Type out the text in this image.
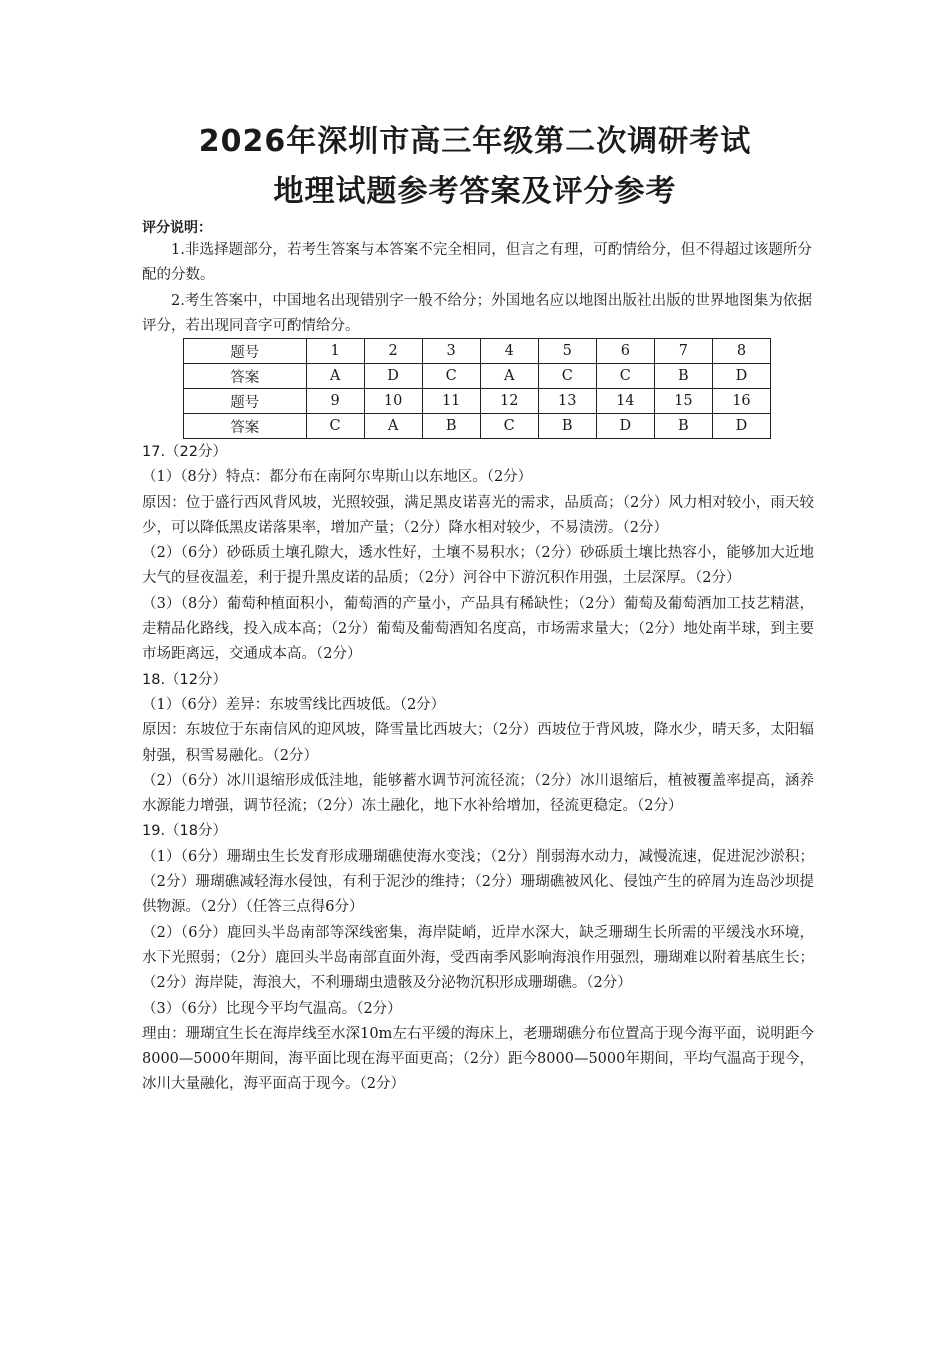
2026年深圳市高三年级第二次调研考试
地理试题参考答案及评分参考
评分说明：

1.非选择题部分，若考生答案与本答案不完全相同，但言之有理，可酌情给分，但不得超过该题所分配的分数。

2.考生答案中，中国地名出现错别字一般不给分；外国地名应以地图出版社出版的世界地图集为依据评分，若出现同音字可酌情给分。

题号	1	2	3	4	5	6	7	8
答案	A	D	C	A	C	C	B	D
题号	9	10	11	12	13	14	15	16
答案	C	A	B	C	B	D	B	D

17.（22分）

（1）（8分）特点：都分布在南阿尔卑斯山以东地区。（2分）

原因：位于盛行西风背风坡，光照较强，满足黑皮诺喜光的需求，品质高；（2分）风力相对较小，雨天较少，可以降低黑皮诺落果率，增加产量；（2分）降水相对较少，不易渍涝。（2分）

（2）（6分）砂砾质土壤孔隙大，透水性好，土壤不易积水；（2分）砂砾质土壤比热容小，能够加大近地大气的昼夜温差，利于提升黑皮诺的品质；（2分）河谷中下游沉积作用强，土层深厚。（2分）

（3）（8分）葡萄种植面积小，葡萄酒的产量小，产品具有稀缺性；（2分）葡萄及葡萄酒加工技艺精湛，走精品化路线，投入成本高；（2分）葡萄及葡萄酒知名度高，市场需求量大；（2分）地处南半球，到主要市场距离远，交通成本高。（2分）

18.（12分）

（1）（6分）差异：东坡雪线比西坡低。（2分）

原因：东坡位于东南信风的迎风坡，降雪量比西坡大；（2分）西坡位于背风坡，降水少，晴天多，太阳辐射强，积雪易融化。（2分）

（2）（6分）冰川退缩形成低洼地，能够蓄水调节河流径流；（2分）冰川退缩后，植被覆盖率提高，涵养水源能力增强，调节径流；（2分）冻土融化，地下水补给增加，径流更稳定。（2分）

19.（18分）

（1）（6分）珊瑚虫生长发育形成珊瑚礁使海水变浅；（2分）削弱海水动力，减慢流速，促进泥沙淤积；（2分）珊瑚礁减轻海水侵蚀，有利于泥沙的维持；（2分）珊瑚礁被风化、侵蚀产生的碎屑为连岛沙坝提供物源。（2分）（任答三点得6分）

（2）（6分）鹿回头半岛南部等深线密集，海岸陡峭，近岸水深大，缺乏珊瑚生长所需的平缓浅水环境，水下光照弱；（2分）鹿回头半岛南部直面外海，受西南季风影响海浪作用强烈，珊瑚难以附着基底生长；（2分）海岸陡，海浪大，不利珊瑚虫遗骸及分泌物沉积形成珊瑚礁。（2分）

（3）（6分）比现今平均气温高。（2分）

理由：珊瑚宜生长在海岸线至水深10m左右平缓的海床上，老珊瑚礁分布位置高于现今海平面，说明距今8000—5000年期间，海平面比现在海平面更高；（2分）距今8000—5000年期间，平均气温高于现今，冰川大量融化，海平面高于现今。（2分）
